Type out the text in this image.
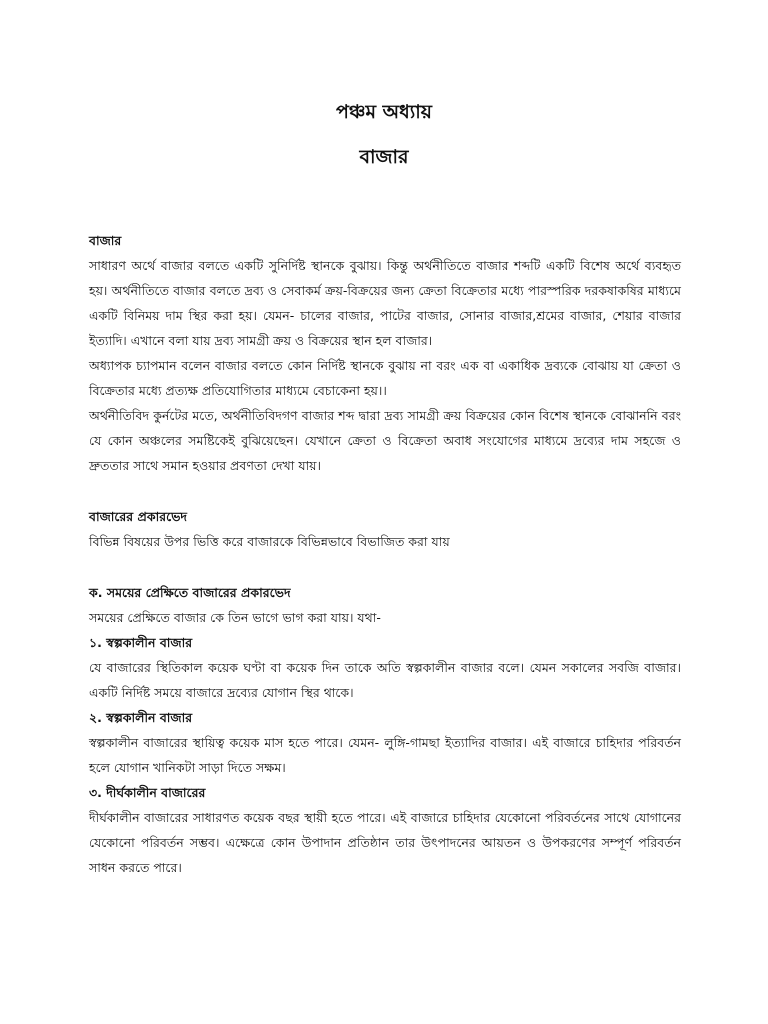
পঞ্চম অধ্যায়
বাজার
বাজার

সাধারণ অর্থে বাজার বলতে একটি সুনির্দিষ্ট স্থানকে বুঝায়। কিন্তু অর্থনীতিতে বাজার শব্দটি একটি বিশেষ অর্থে ব্যবহৃত হয়। অর্থনীতিতে বাজার বলতে দ্রব্য ও সেবাকর্ম ক্রয়-বিক্রয়ের জন্য ক্রেতা বিক্রেতার মধ্যে পারস্পরিক দরকষাকষির মাধ্যমে একটি বিনিময় দাম স্থির করা হয়। যেমন- চালের বাজার, পাটের বাজার, সোনার বাজার,শ্রমের বাজার, শেয়ার বাজার ইত্যাদি। এখানে বলা যায় দ্রব্য সামগ্রী ক্রয় ও বিক্রয়ের স্থান হল বাজার।

অধ্যাপক চ্যাপমান বলেন বাজার বলতে কোন নির্দিষ্ট স্থানকে বুঝায় না বরং এক বা একাধিক দ্রব্যকে বোঝায় যা ক্রেতা ও বিক্রেতার মধ্যে প্রত্যক্ষ প্রতিযোগিতার মাধ্যমে বেচাকেনা হয়।।

অর্থনীতিবিদ কুর্নটের মতে, অর্থনীতিবিদগণ বাজার শব্দ দ্বারা দ্রব্য সামগ্রী ক্রয় বিক্রয়ের কোন বিশেষ স্থানকে বোঝাননি বরং যে কোন অঞ্চলের সমষ্টিকেই বুঝিয়েছেন। যেখানে ক্রেতা ও বিক্রেতা অবাধ সংযোগের মাধ্যমে দ্রব্যের দাম সহজে ও দ্রুততার সাথে সমান হওয়ার প্রবণতা দেখা যায়।

বাজারের প্রকারভেদ

বিভিন্ন বিষয়ের উপর ভিত্তি করে বাজারকে বিভিন্নভাবে বিভাজিত করা যায়

ক. সময়ের প্রেক্ষিতে বাজারের প্রকারভেদ

সময়ের প্রেক্ষিতে বাজার কে তিন ভাগে ভাগ করা যায়। যথা-

১. স্বল্পকালীন বাজার

যে বাজারের স্থিতিকাল কয়েক ঘণ্টা বা কয়েক দিন তাকে অতি স্বল্পকালীন বাজার বলে। যেমন সকালের সবজি বাজার। একটি নির্দিষ্ট সময়ে বাজারে দ্রব্যের যোগান স্থির থাকে।

২. স্বল্পকালীন বাজার

স্বল্পকালীন বাজারের স্থায়িত্ব কয়েক মাস হতে পারে। যেমন- লুঙ্গি-গামছা ইত্যাদির বাজার। এই বাজারে চাহিদার পরিবর্তন হলে যোগান খানিকটা সাড়া দিতে সক্ষম।

৩. দীর্ঘকালীন বাজারের

দীর্ঘকালীন বাজারের সাধারণত কয়েক বছর স্থায়ী হতে পারে। এই বাজারে চাহিদার যেকোনো পরিবর্তনের সাথে যোগানের যেকোনো পরিবর্তন সম্ভব। এক্ষেত্রে কোন উপাদান প্রতিষ্ঠান তার উৎপাদনের আয়তন ও উপকরণের সম্পূর্ণ পরিবর্তন সাধন করতে পারে।
